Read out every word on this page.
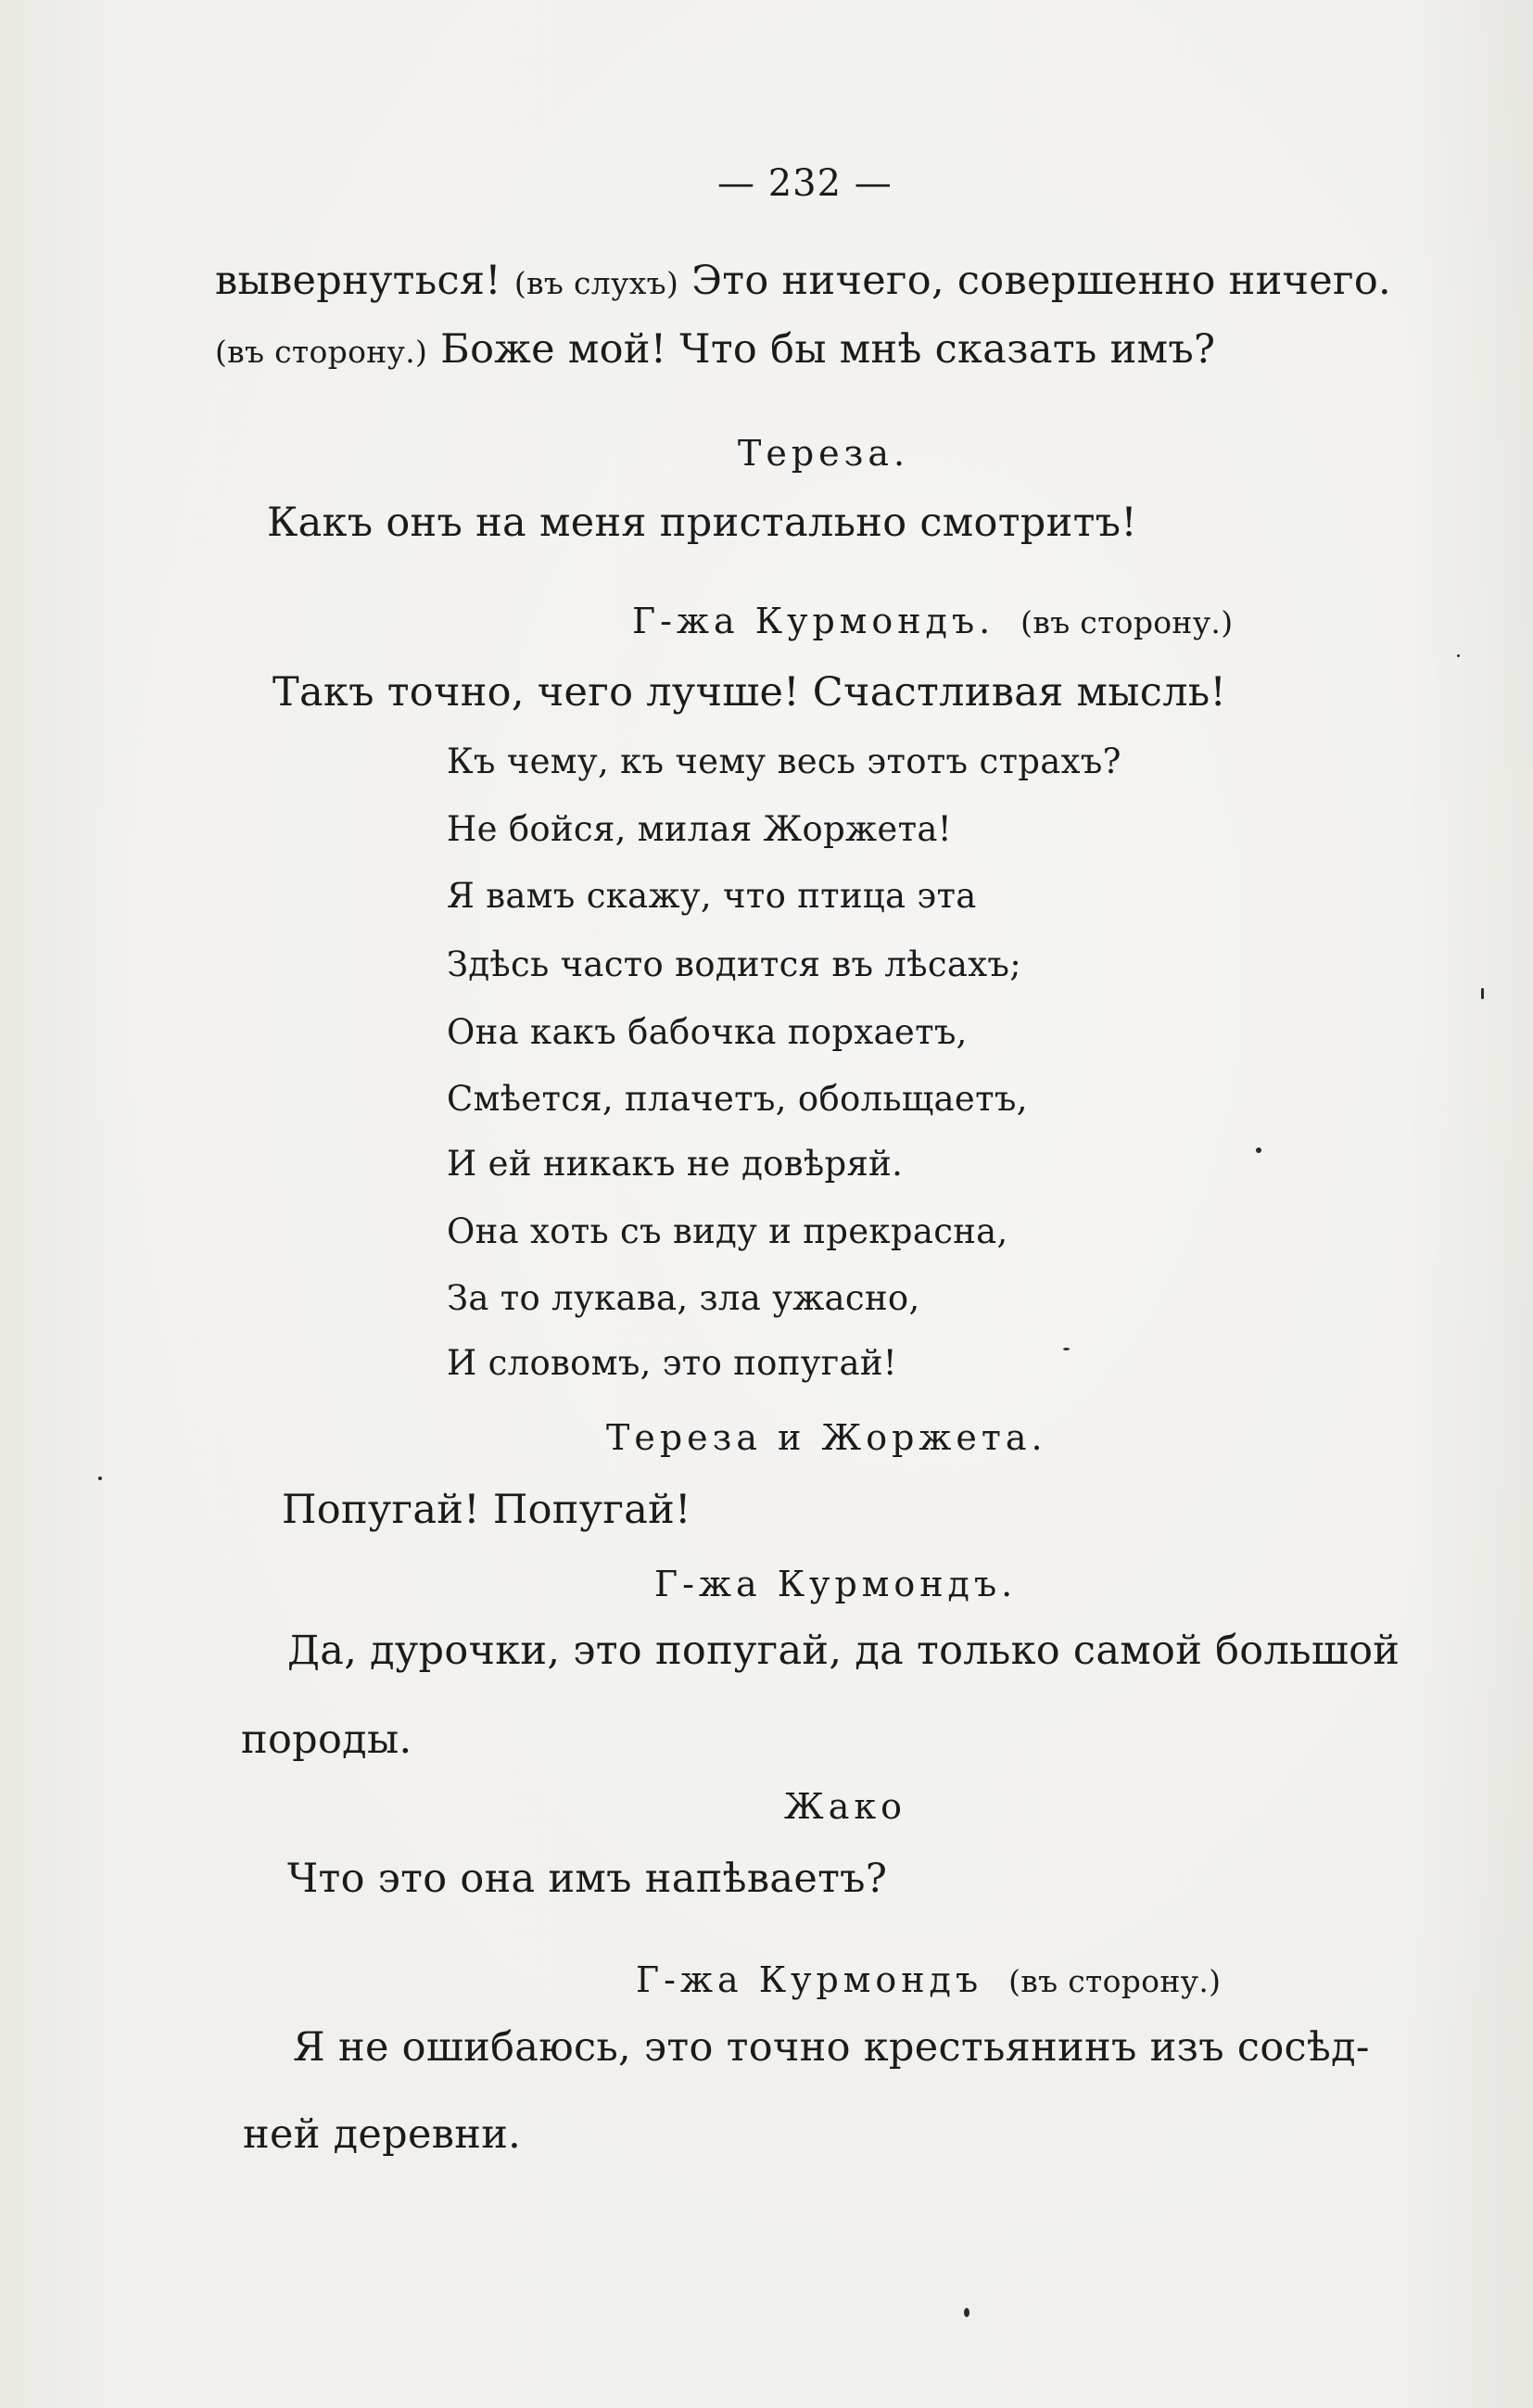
— 232 —
вывернуться! (въ слухъ) Это ничего, совершенно ничего.
(въ сторону.) Боже мой! Что бы мнѣ сказать имъ?
Тереза.
Какъ онъ на меня пристально смотритъ!
Г-жа Курмондъ. (въ сторону.)
Такъ точно, чего лучше! Счастливая мысль!
Къ чему, къ чему весь этотъ страхъ?
Не бойся, милая Жоржета!
Я вамъ скажу, что птица эта
Здѣсь часто водится въ лѣсахъ;
Она какъ бабочка порхаетъ,
Смѣется, плачетъ, обольщаетъ,
И ей никакъ не довѣряй.
Она хоть съ виду и прекрасна,
За то лукава, зла ужасно,
И словомъ, это попугай!
Тереза и Жоржета.
Попугай! Попугай!
Г-жа Курмондъ.
Да, дурочки, это попугай, да только самой большой
породы.
Жако
Что это она имъ напѣваетъ?
Г-жа Курмондъ (въ сторону.)
Я не ошибаюсь, это точно крестьянинъ изъ сосѣд-
ней деревни.
